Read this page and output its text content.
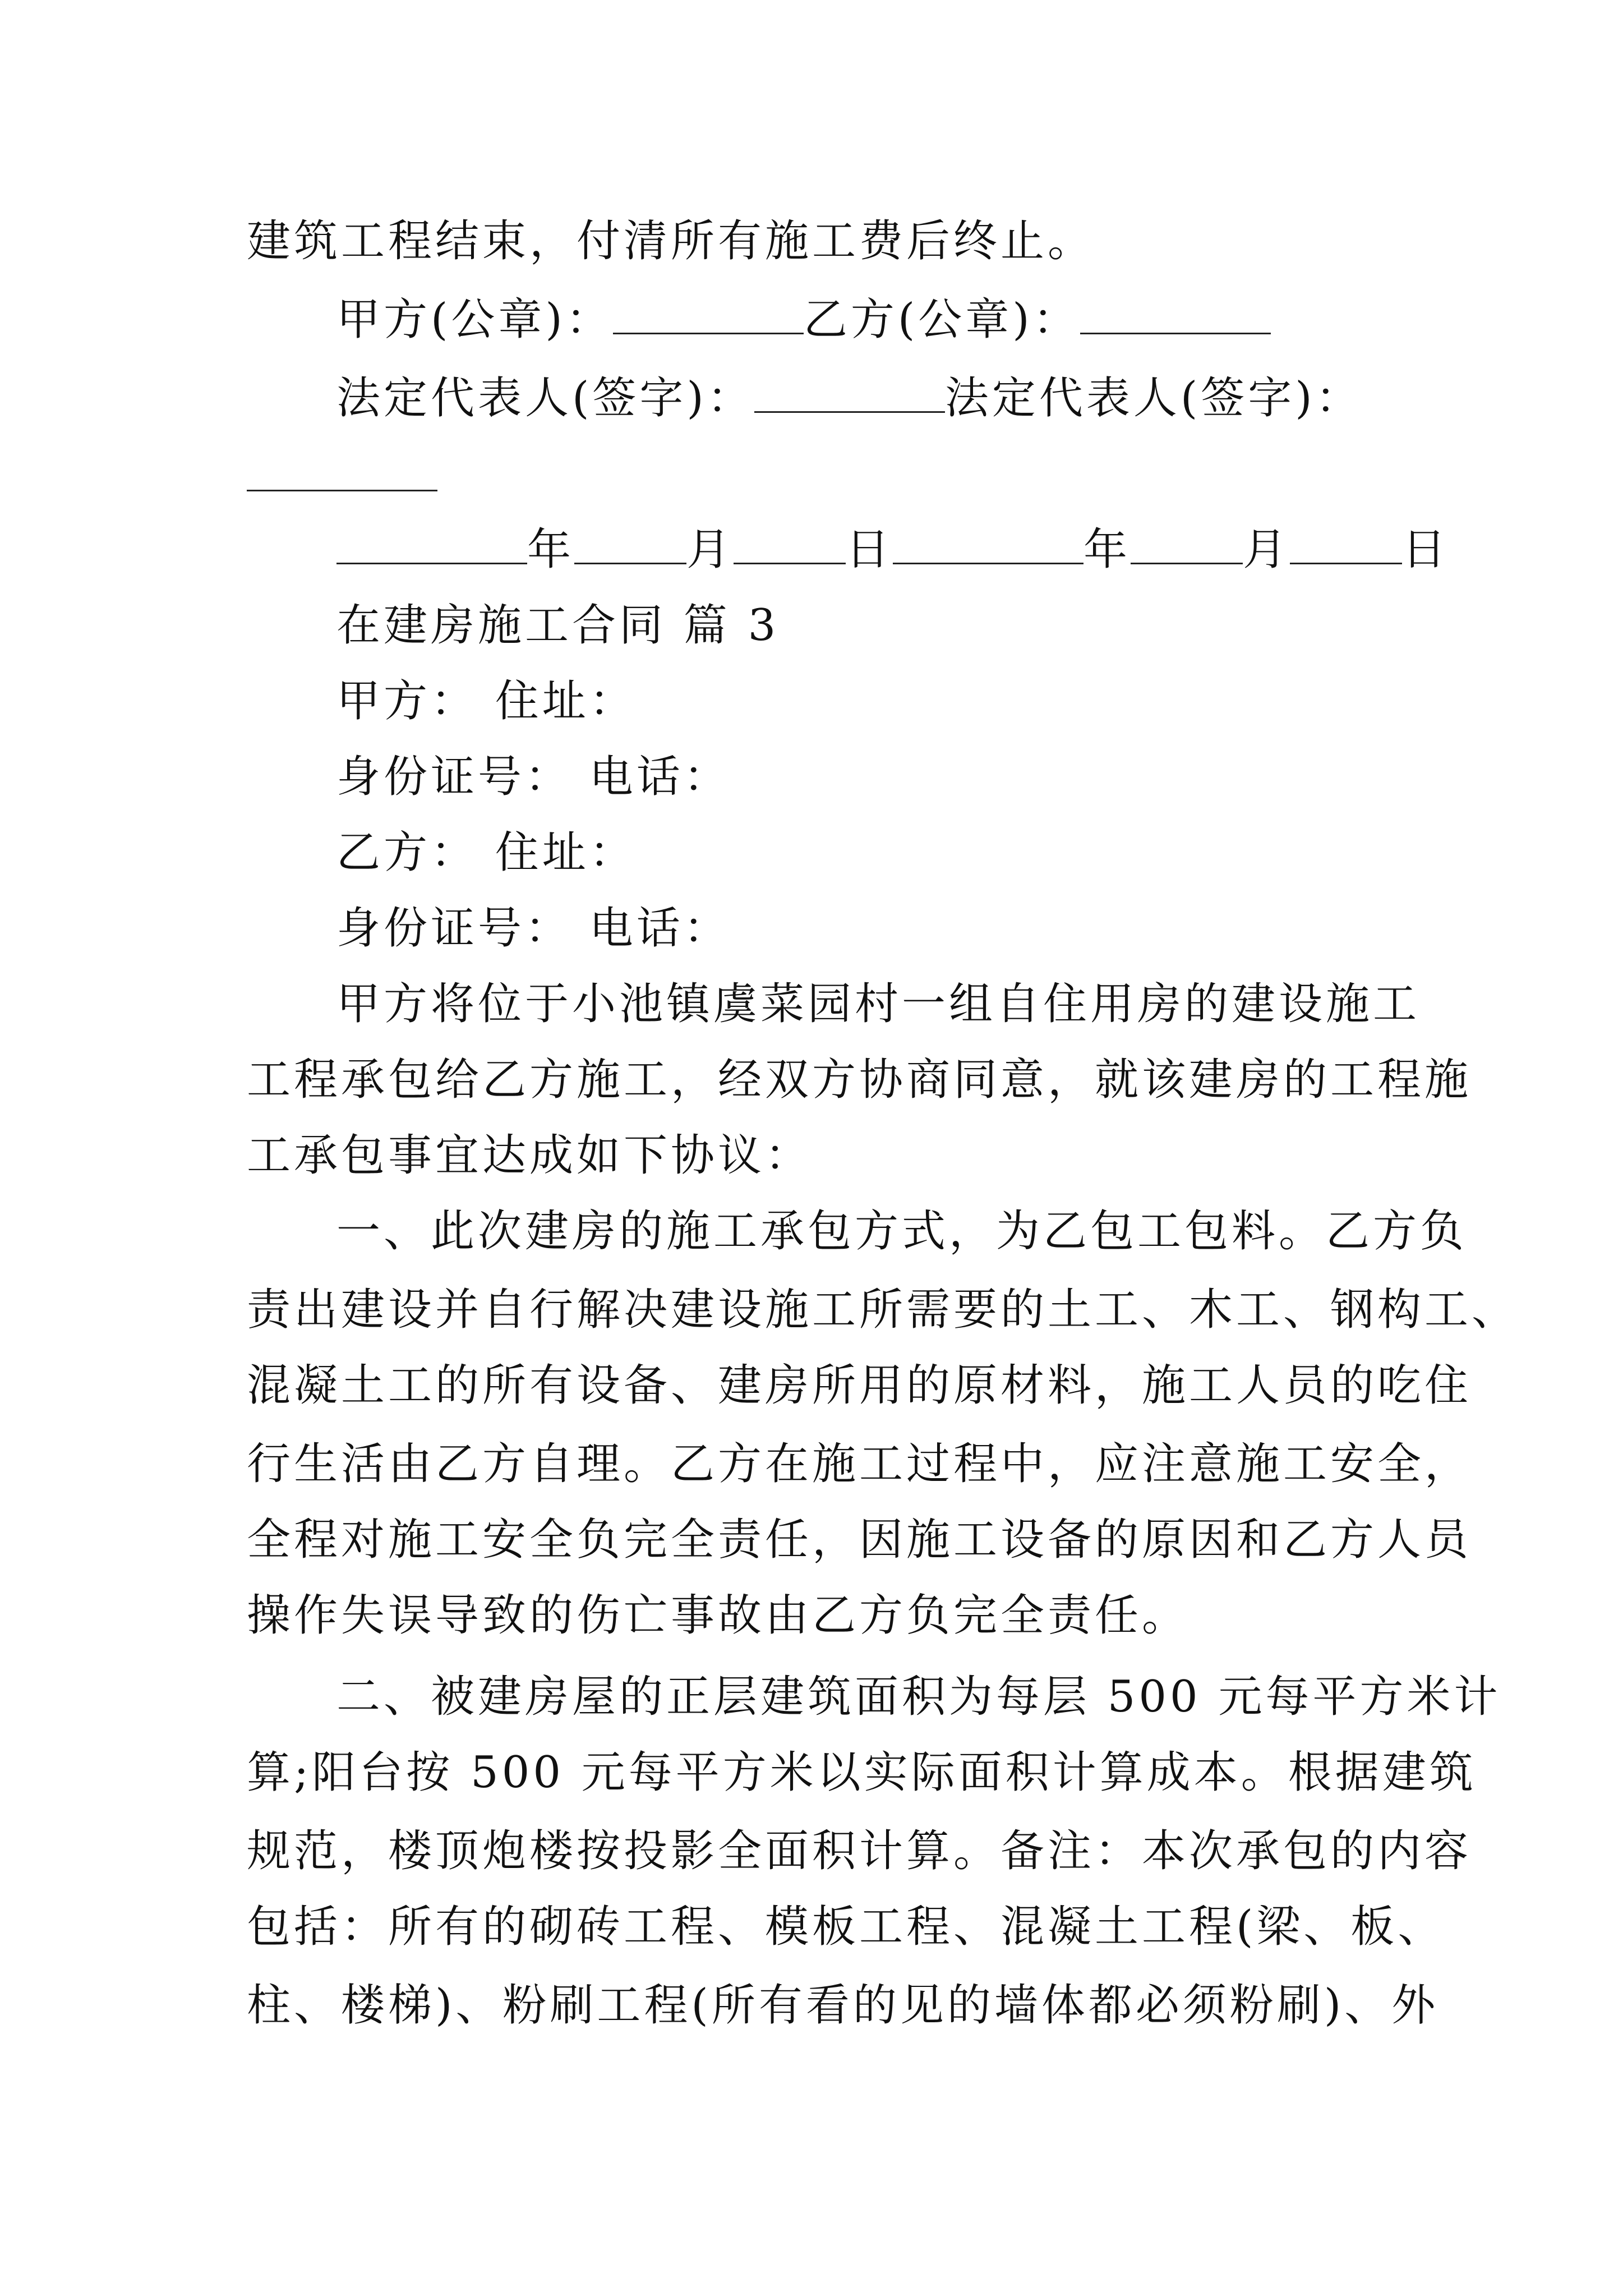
建筑工程结束，付清所有施工费后终止。
甲方(公章)：	乙方(公章)：
法定代表人(签字)：	法定代表人(签字)：
年	月	日	年	月	日
在建房施工合同 篇 3
甲方： 住址：
身份证号： 电话：
乙方： 住址：
身份证号： 电话：
甲方将位于小池镇虞菜园村一组自住用房的建设施工
工程承包给乙方施工，经双方协商同意，就该建房的工程施
工承包事宜达成如下协议：
一、此次建房的施工承包方式，为乙包工包料。乙方负
责出建设并自行解决建设施工所需要的土工、木工、钢构工、
混凝土工的所有设备、建房所用的原材料，施工人员的吃住
行生活由乙方自理。乙方在施工过程中，应注意施工安全，
全程对施工安全负完全责任，因施工设备的原因和乙方人员
操作失误导致的伤亡事故由乙方负完全责任。
二、被建房屋的正层建筑面积为每层 500 元每平方米计
算;阳台按 500 元每平方米以实际面积计算成本。根据建筑
规范，楼顶炮楼按投影全面积计算。备注：本次承包的内容
包括：所有的砌砖工程、模板工程、混凝土工程(梁、板、
柱、楼梯)、粉刷工程(所有看的见的墙体都必须粉刷)、外
